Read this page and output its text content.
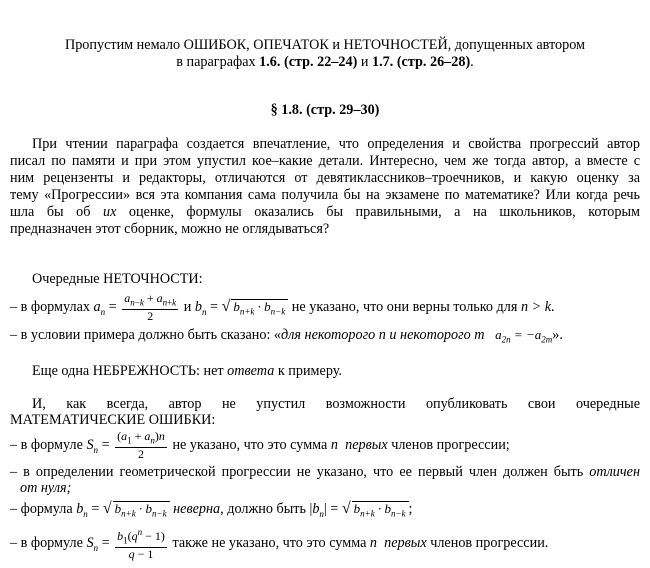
Пропустим немало ОШИБОК, ОПЕЧАТОК и НЕТОЧНОСТЕЙ, допущенных автором
в параграфах 1.6. (стр. 22–24) и 1.7. (стр. 26–28).
§ 1.8. (стр. 29–30)
При чтении параграфа создается впечатление, что определения и свойства прогрессий автор
писал по памяти и при этом упустил кое–какие детали. Интересно, чем же тогда автор, а вместе с
ним рецензенты и редакторы, отличаются от девятиклассников–троечников, и какую оценку за
тему «Прогрессии» вся эта компания сама получила бы на экзамене по математике? Или когда речь
шла бы об их оценке, формулы оказались бы правильными, а на школьников, которым
предназначен этот сборник, можно не оглядываться?
Очередные НЕТОЧНОСТИ:
– в формулах $a_n = \frac{a_{n-k} + a_{n+k}}{2}$ и $b_n$ = √ $b_{n+k} \cdot b_{n-k}$ не указано, что они верны только для n > k.
– в условии примера должно быть сказано: «для некоторого n и некоторого m $a_{2n} = -a_{2m}$».
Еще одна НЕБРЕЖНОСТЬ: нет ответа к примеру.
И, как всегда, автор не упустил возможности опубликовать свои очередные
МАТЕМАТИЧЕСКИЕ ОШИБКИ:
– в формуле $S_n = \frac{(a_1 + a_n)n}{2}$ не указано, что это сумма n первых членов прогрессии;
– в определении геометрической прогрессии не указано, что ее первый член должен быть отличен
от нуля;
– формула $b_n$ = √ $b_{n+k} \cdot b_{n-k}$ неверна, должно быть $|b_n|$ = √ $b_{n+k} \cdot b_{n-k}$ ;
– в формуле $S_n = \frac{b_1(q^n - 1)}{q - 1}$ также не указано, что это сумма n первых членов прогрессии.
